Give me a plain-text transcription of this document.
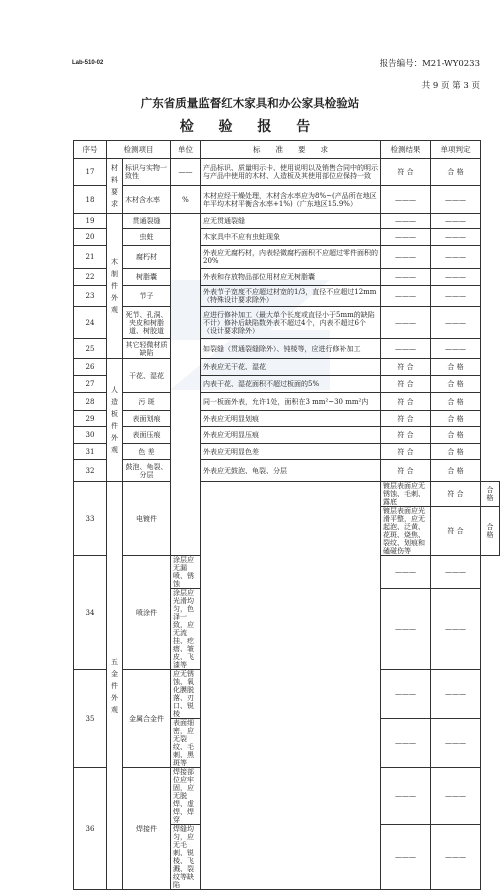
Lab-510-02	报告编号：M21-WY0233
共 9 页 第 3 页
广东省质量监督红木家具和办公家具检验站
检 验 报 告
序号	检测项目		单位	标　　准　　要　　求	检测结果	单项判定	
17	材料要求	标识与实物一致性	——	产品标识、质量明示卡、使用说明以及销售合同中的明示与产品中使用的木材、人造板及其使用部位应保持一致	符 合	合 格	
18		木材含水率	%	木材应经干燥处理，木材含水率应为8%~(产品所在地区年平均木材平衡含水率+1%)（广东地区15.9%）	———	———	
19	木制件外观	贯通裂缝		应无贯通裂缝	———	———	
20		虫蛀		木家具中不应有虫蛀现象	———	———	
21		腐朽材		外表应无腐朽材，内表轻微腐朽面积不应超过零件面积的20%	———	———	
22		树脂囊		外表和存放物品部位用材应无树脂囊	———	———	
23		节子		外表节子宽度不应超过材宽的1/3，直径不应超过12mm（特殊设计要求除外）	———	———	
24		死节、孔洞、夹皮和树脂道、树胶道		应进行修补加工（最大单个长度或直径小于5mm的缺陷不计）修补后缺陷数外表不超过4个，内表不超过6个（设计要求除外）	———	———	
25		其它轻微材质缺陷		如裂缝（贯通裂缝除外）、钝棱等，应进行修补加工	———	———	
26	人造板件外观	干花、湿花		外表应无干花、湿花	符 合	合 格	
27				内表干花、湿花面积不超过板面的5%	符 合	合 格	
28		污 斑		同一板面外表，允许1处，面积在3 mm²~30 mm²内	符 合	合 格	
29		表面划痕		外表应无明显划痕	符 合	合 格	
30		表面压痕		外表应无明显压痕	符 合	合 格	
31		色 差		外表应无明显色差	符 合	合 格	
32		鼓泡、龟裂、分层		外表应无鼓泡、龟裂、分层	符 合	合 格	
33	五金件外观	电镀件			镀层表面应无锈蚀、毛刺、露底	符 合	合 格
					镀层表面应光滑平整，应无起泡、泛黄、花斑、烧焦、裂纹、划痕和磕碰伤等	符 合	合 格
34		喷涂件	涂层应无漏喷、锈蚀		———	———	
			涂层应光滑均匀，色泽一致，应无流挂、疙瘩、皱皮、飞漆等		———	———	
35		金属合金件	应无锈蚀、氧化膜脱落、刃口、锐棱		———	———	
			表面细密，应无裂纹、毛刺、黑斑等		———	———	
36		焊接件	焊接部位应牢固，应无脱焊、虚焊、焊穿		———	———	
			焊缝均匀，应无毛刺、锐棱、飞溅、裂纹等缺陷		———	———	
